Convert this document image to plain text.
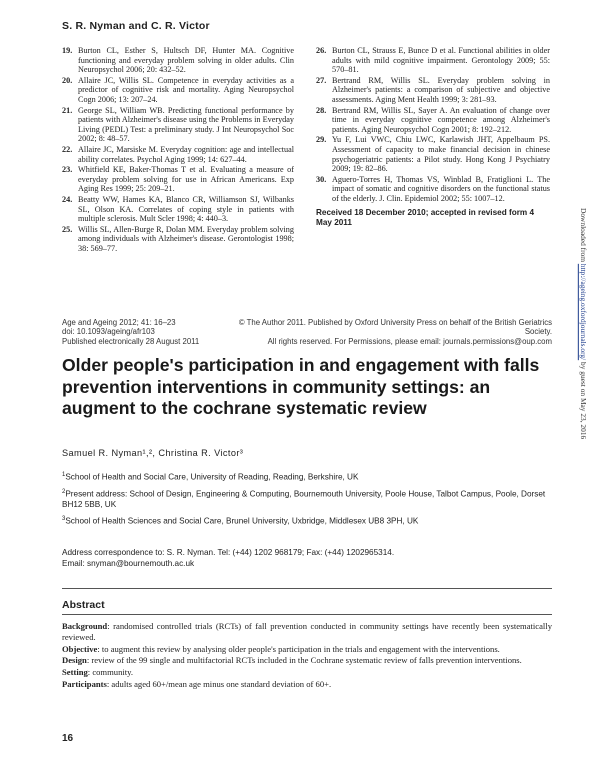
S. R. Nyman and C. R. Victor
19. Burton CL, Esther S, Hultsch DF, Hunter MA. Cognitive functioning and everyday problem solving in older adults. Clin Neuropsychol 2006; 20: 432–52.
20. Allaire JC, Willis SL. Competence in everyday activities as a predictor of cognitive risk and mortality. Aging Neuropsychol Cogn 2006; 13: 207–24.
21. George SL, William WB. Predicting functional performance by patients with Alzheimer's disease using the Problems in Everyday Living (PEDL) Test: a preliminary study. J Int Neuropsychol Soc 2002; 8: 48–57.
22. Allaire JC, Marsiske M. Everyday cognition: age and intellectual ability correlates. Psychol Aging 1999; 14: 627–44.
23. Whitfield KE, Baker-Thomas T et al. Evaluating a measure of everyday problem solving for use in African Americans. Exp Aging Res 1999; 25: 209–21.
24. Beatty WW, Hames KA, Blanco CR, Williamson SJ, Wilbanks SL, Olson KA. Correlates of coping style in patients with multiple sclerosis. Mult Scler 1998; 4: 440–3.
25. Willis SL, Allen-Burge R, Dolan MM. Everyday problem solving among individuals with Alzheimer's disease. Gerontologist 1998; 38: 569–77.
26. Burton CL, Strauss E, Bunce D et al. Functional abilities in older adults with mild cognitive impairment. Gerontology 2009; 55: 570–81.
27. Bertrand RM, Willis SL. Everyday problem solving in Alzheimer's patients: a comparison of subjective and objective assessments. Aging Ment Health 1999; 3: 281–93.
28. Bertrand RM, Willis SL, Sayer A. An evaluation of change over time in everyday cognitive competence among Alzheimer's patients. Aging Neuropsychol Cogn 2001; 8: 192–212.
29. Yu F, Lui VWC, Chiu LWC, Karlawish JHT, Appelbaum PS. Assessment of capacity to make financial decision in chinese psychogeriatric patients: a Pilot study. Hong Kong J Psychiatry 2009; 19: 82–86.
30. Aguero-Torres H, Thomas VS, Winblad B, Fratiglioni L. The impact of somatic and cognitive disorders on the functional status of the elderly. J. Clin. Epidemiol 2002; 55: 1007–12.
Received 18 December 2010; accepted in revised form 4 May 2011
Age and Ageing 2012; 41: 16–23
doi: 10.1093/ageing/afr103
Published electronically 28 August 2011
© The Author 2011. Published by Oxford University Press on behalf of the British Geriatrics Society.
All rights reserved. For Permissions, please email: journals.permissions@oup.com
Older people's participation in and engagement with falls prevention interventions in community settings: an augment to the cochrane systematic review
Samuel R. Nyman¹,², Christina R. Victor³
$^1$School of Health and Social Care, University of Reading, Reading, Berkshire, UK
$^2$Present address: School of Design, Engineering & Computing, Bournemouth University, Poole House, Talbot Campus, Poole, Dorset BH12 5BB, UK
$^3$School of Health Sciences and Social Care, Brunel University, Uxbridge, Middlesex UB8 3PH, UK
Address correspondence to: S. R. Nyman. Tel: (+44) 1202 968179; Fax: (+44) 1202965314.
Email: snyman@bournemouth.ac.uk
Abstract

Background: randomised controlled trials (RCTs) of fall prevention conducted in community settings have recently been systematically reviewed.

Objective: to augment this review by analysing older people's participation in the trials and engagement with the interventions.

Design: review of the 99 single and multifactorial RCTs included in the Cochrane systematic review of falls prevention interventions.

Setting: community.

Participants: adults aged 60+/mean age minus one standard deviation of 60+.

16
Downloaded from http://ageing.oxfordjournals.org/ by guest on May 23, 2016
